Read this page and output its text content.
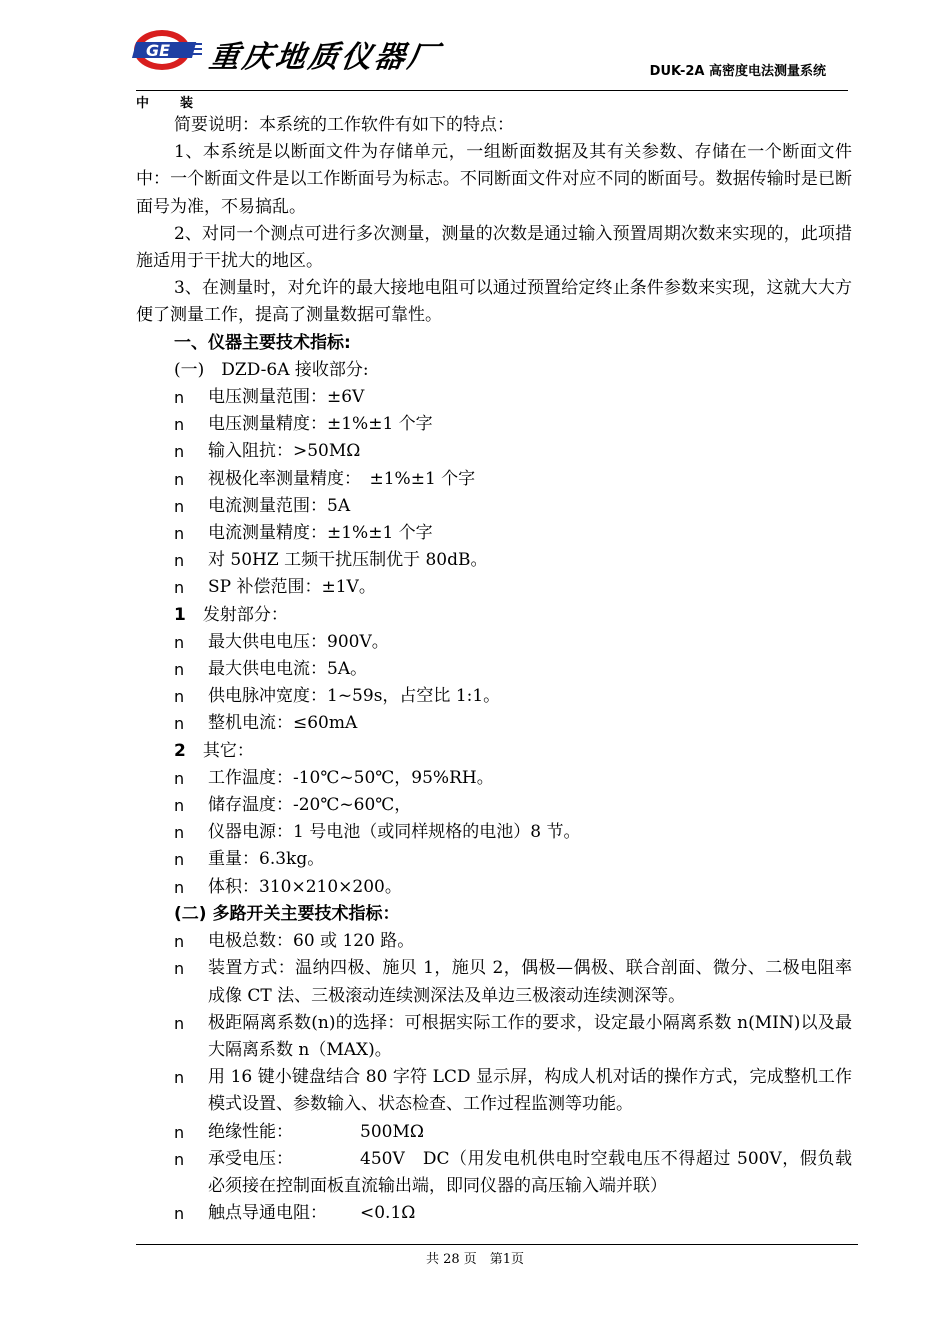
GE 重庆地质仪器厂
中 装
DUK-2A 高密度电法测量系统

简要说明：本系统的工作软件有如下的特点：

1、本系统是以断面文件为存储单元，一组断面数据及其有关参数、存储在一个断面文件中：一个断面文件是以工作断面号为标志。不同断面文件对应不同的断面号。数据传输时是已断面号为准，不易搞乱。

2、对同一个测点可进行多次测量，测量的次数是通过输入预置周期次数来实现的，此项措施适用于干扰大的地区。

3、在测量时，对允许的最大接地电阻可以通过预置给定终止条件参数来实现，这就大大方便了测量工作，提高了测量数据可靠性。

一、仪器主要技术指标:

(一)　DZD-6A 接收部分:

n 电压测量范围：±6V

n 电压测量精度：±1%±1 个字

n 输入阻抗：>50MΩ

n 视极化率测量精度：　±1%±1 个字

n 电流测量范围：5A

n 电流测量精度：±1%±1 个字

n 对 50HZ 工频干扰压制优于 80dB。

n SP 补偿范围：±1V。

1　 发射部分：

n 最大供电电压：900V。

n 最大供电电流：5A。

n 供电脉冲宽度：1~59s，占空比 1:1。

n 整机电流：≤60mA

2　 其它：

n 工作温度：-10℃~50℃，95%RH。

n 储存温度：-20℃~60℃，

n 仪器电源：1 号电池（或同样规格的电池）8 节。

n 重量：6.3kg。

n 体积：310×210×200。

(二) 多路开关主要技术指标：

n 电极总数：60 或 120 路。

n 装置方式：温纳四极、施贝 1，施贝 2，偶极—偶极、联合剖面、微分、二极电阻率成像 CT 法、三极滚动连续测深法及单边三极滚动连续测深等。

n 极距隔离系数(n)的选择：可根据实际工作的要求，设定最小隔离系数 n(MIN)以及最大隔离系数 n（MAX)。

n 用 16 键小键盘结合 80 字符 LCD 显示屏，构成人机对话的操作方式，完成整机工作模式设置、参数输入、状态检查、工作过程监测等功能。

n 绝缘性能：	500MΩ

n 承受电压：	450V　DC（用发电机供电时空载电压不得超过 500V，假负载必须接在控制面板直流输出端，即同仪器的高压输入端并联）

n 触点导通电阻： <0.1Ω

共 28 页　第1页
